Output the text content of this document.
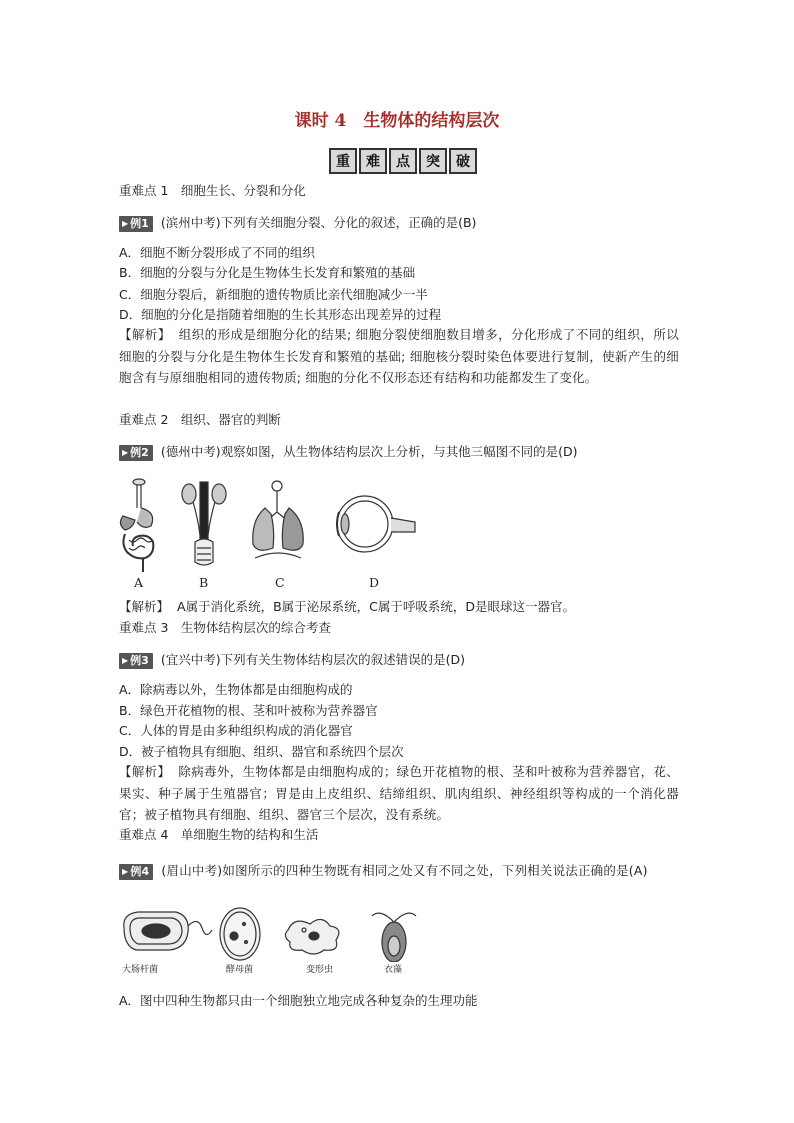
课时 4　生物体的结构层次
重	难	点	突	破
重难点 1　细胞生长、分裂和分化
▶ 例1 (滨州中考)下列有关细胞分裂、分化的叙述，正确的是(B)
A．细胞不断分裂形成了不同的组织
B．细胞的分裂与分化是生物体生长发育和繁殖的基础
C．细胞分裂后，新细胞的遗传物质比亲代细胞减少一半
D．细胞的分化是指随着细胞的生长其形态出现差异的过程
【解析】 组织的形成是细胞分化的结果; 细胞分裂使细胞数目增多，分化形成了不同的组织，所以细胞的分裂与分化是生物体生长发育和繁殖的基础; 细胞核分裂时染色体要进行复制，使新产生的细胞含有与原细胞相同的遗传物质; 细胞的分化不仅形态还有结构和功能都发生了变化。
重难点 2　组织、器官的判断
▶ 例2 (德州中考)观察如图，从生物体结构层次上分析，与其他三幅图不同的是(D)
A	B	C	D
【解析】 A属于消化系统，B属于泌尿系统，C属于呼吸系统，D是眼球这一器官。
重难点 3　生物体结构层次的综合考查
▶ 例3 (宜兴中考)下列有关生物体结构层次的叙述错误的是(D)
A．除病毒以外，生物体都是由细胞构成的
B．绿色开花植物的根、茎和叶被称为营养器官
C．人体的胃是由多种组织构成的消化器官
D．被子植物具有细胞、组织、器官和系统四个层次
【解析】 除病毒外，生物体都是由细胞构成的；绿色开花植物的根、茎和叶被称为营养器官，花、果实、种子属于生殖器官；胃是由上皮组织、结缔组织、肌肉组织、神经组织等构成的一个消化器官；被子植物具有细胞、组织、器官三个层次，没有系统。
重难点 4　单细胞生物的结构和生活
▶ 例4 (眉山中考)如图所示的四种生物既有相同之处又有不同之处，下列相关说法正确的是(A)
大肠杆菌	酵母菌	变形虫	衣藻
A．图中四种生物都只由一个细胞独立地完成各种复杂的生理功能
